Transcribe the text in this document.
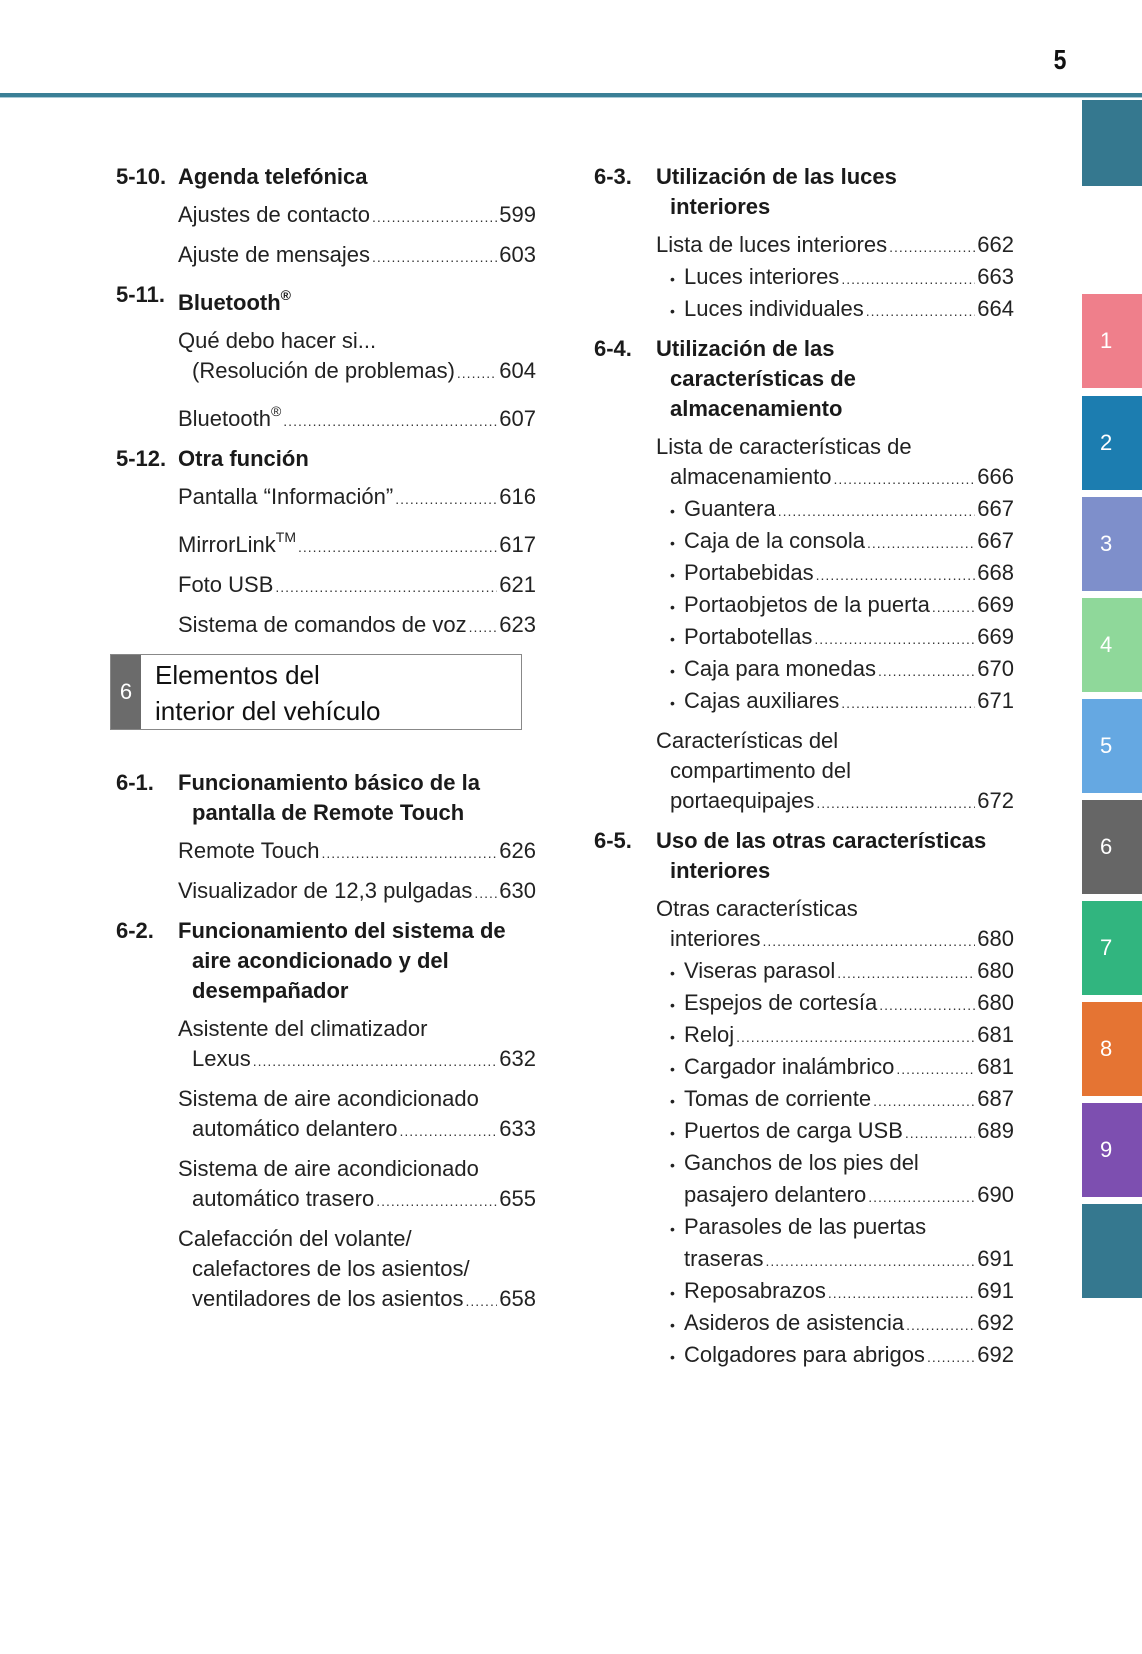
5
1
2
3
4
5
6
7
8
9
5-10. Agenda telefónica
Ajustes de contacto .....	599
Ajuste de mensajes .....	603
5-11. Bluetooth®
Qué debo hacer si...
(Resolución de problemas) ..... 604
Bluetooth® .....	607
5-12. Otra función
Pantalla “Información” .....	616
MirrorLink™ .....	617
Foto USB .....	621
Sistema de comandos de voz ..... 623
6
Elementos del
interior del vehículo
6-1. Funcionamiento básico de la
pantalla de Remote Touch
Remote Touch .....	626
Visualizador de 12,3 pulgadas ..... 630
6-2. Funcionamiento del sistema de
aire acondicionado y del
desempañador
Asistente del climatizador
Lexus .....	632
Sistema de aire acondicionado
automático delantero .....	633
Sistema de aire acondicionado
automático trasero .....	655
Calefacción del volante/
calefactores de los asientos/
ventiladores de los asientos ..... 658
6-3. Utilización de las luces
interiores
Lista de luces interiores .....	662
• Luces interiores .....	663
• Luces individuales .....	664
6-4. Utilización de las
características de
almacenamiento
Lista de características de
almacenamiento .....	666
• Guantera .....	667
• Caja de la consola .....	667
• Portabebidas .....	668
• Portaobjetos de la puerta ..... 669
• Portabotellas .....	669
• Caja para monedas .....	670
• Cajas auxiliares .....	671
Características del
compartimento del
portaequipajes .....	672
6-5. Uso de las otras características
interiores
Otras características
interiores .....	680
• Viseras parasol .....	680
• Espejos de cortesía .....	680
• Reloj .....	681
• Cargador inalámbrico .....	681
• Tomas de corriente .....	687
• Puertos de carga USB .....	689
• Ganchos de los pies del
pasajero delantero .....	690
• Parasoles de las puertas
traseras .....	691
• Reposabrazos .....	691
• Asideros de asistencia .....	692
• Colgadores para abrigos ..... 692
